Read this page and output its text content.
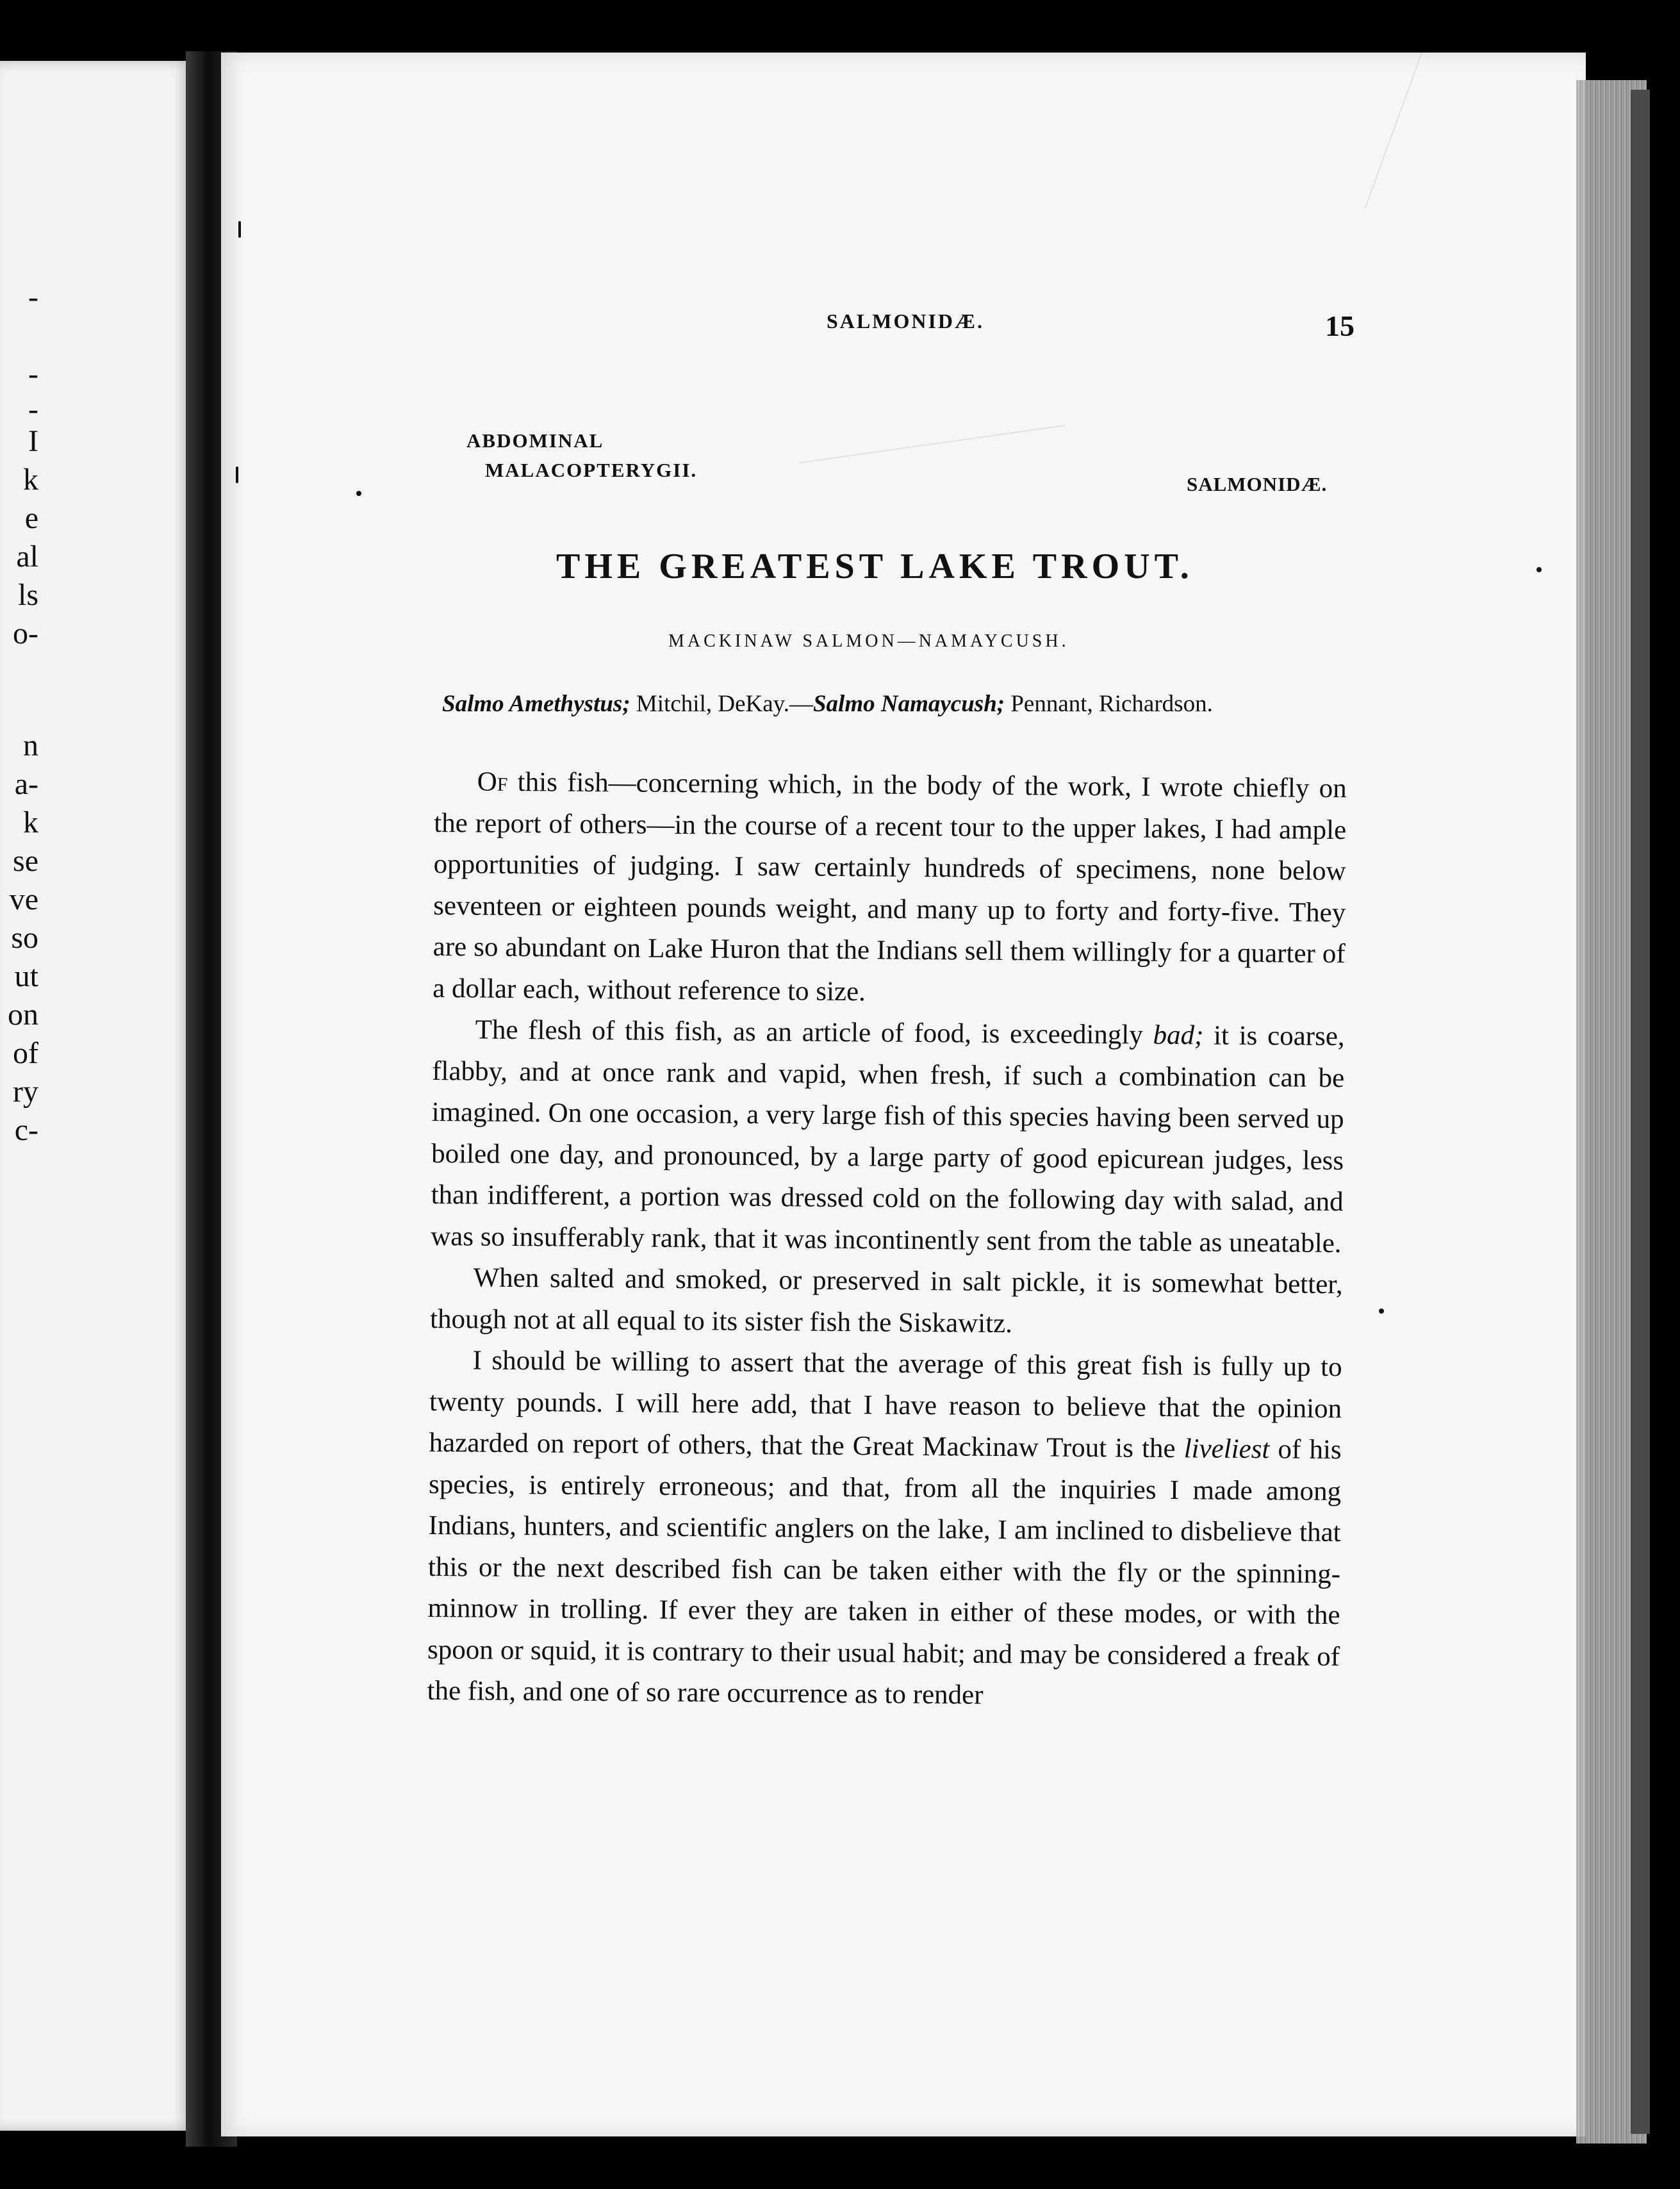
-
-
-
I
k
e
al
ls
o-
n
a-
k
se
ve
so
ut
on
of
ry
c-
SALMONIDÆ.	15
ABDOMINAL
MALACOPTERYGII.
SALMONIDÆ.
THE GREATEST LAKE TROUT.
MACKINAW SALMON—NAMAYCUSH.
Salmo Amethystus; Mitchil, DeKay.—Salmo Namaycush; Pennant, Richardson.

Of this fish—concerning which, in the body of the work, I wrote chiefly on the report of others—in the course of a recent tour to the upper lakes, I had ample opportunities of judging. I saw certainly hundreds of specimens, none below seventeen or eighteen pounds weight, and many up to forty and forty-five. They are so abundant on Lake Huron that the Indians sell them willingly for a quarter of a dollar each, without reference to size.

The flesh of this fish, as an article of food, is exceedingly bad; it is coarse, flabby, and at once rank and vapid, when fresh, if such a combination can be imagined. On one occasion, a very large fish of this species having been served up boiled one day, and pronounced, by a large party of good epicurean judges, less than indifferent, a portion was dressed cold on the following day with salad, and was so insufferably rank, that it was incontinently sent from the table as uneatable.

When salted and smoked, or preserved in salt pickle, it is somewhat better, though not at all equal to its sister fish the Siskawitz.

I should be willing to assert that the average of this great fish is fully up to twenty pounds. I will here add, that I have reason to believe that the opinion hazarded on report of others, that the Great Mackinaw Trout is the liveliest of his species, is entirely erroneous; and that, from all the inquiries I made among Indians, hunters, and scientific anglers on the lake, I am inclined to disbelieve that this or the next described fish can be taken either with the fly or the spinning-minnow in trolling. If ever they are taken in either of these modes, or with the spoon or squid, it is contrary to their usual habit; and may be considered a freak of the fish, and one of so rare occurrence as to render
